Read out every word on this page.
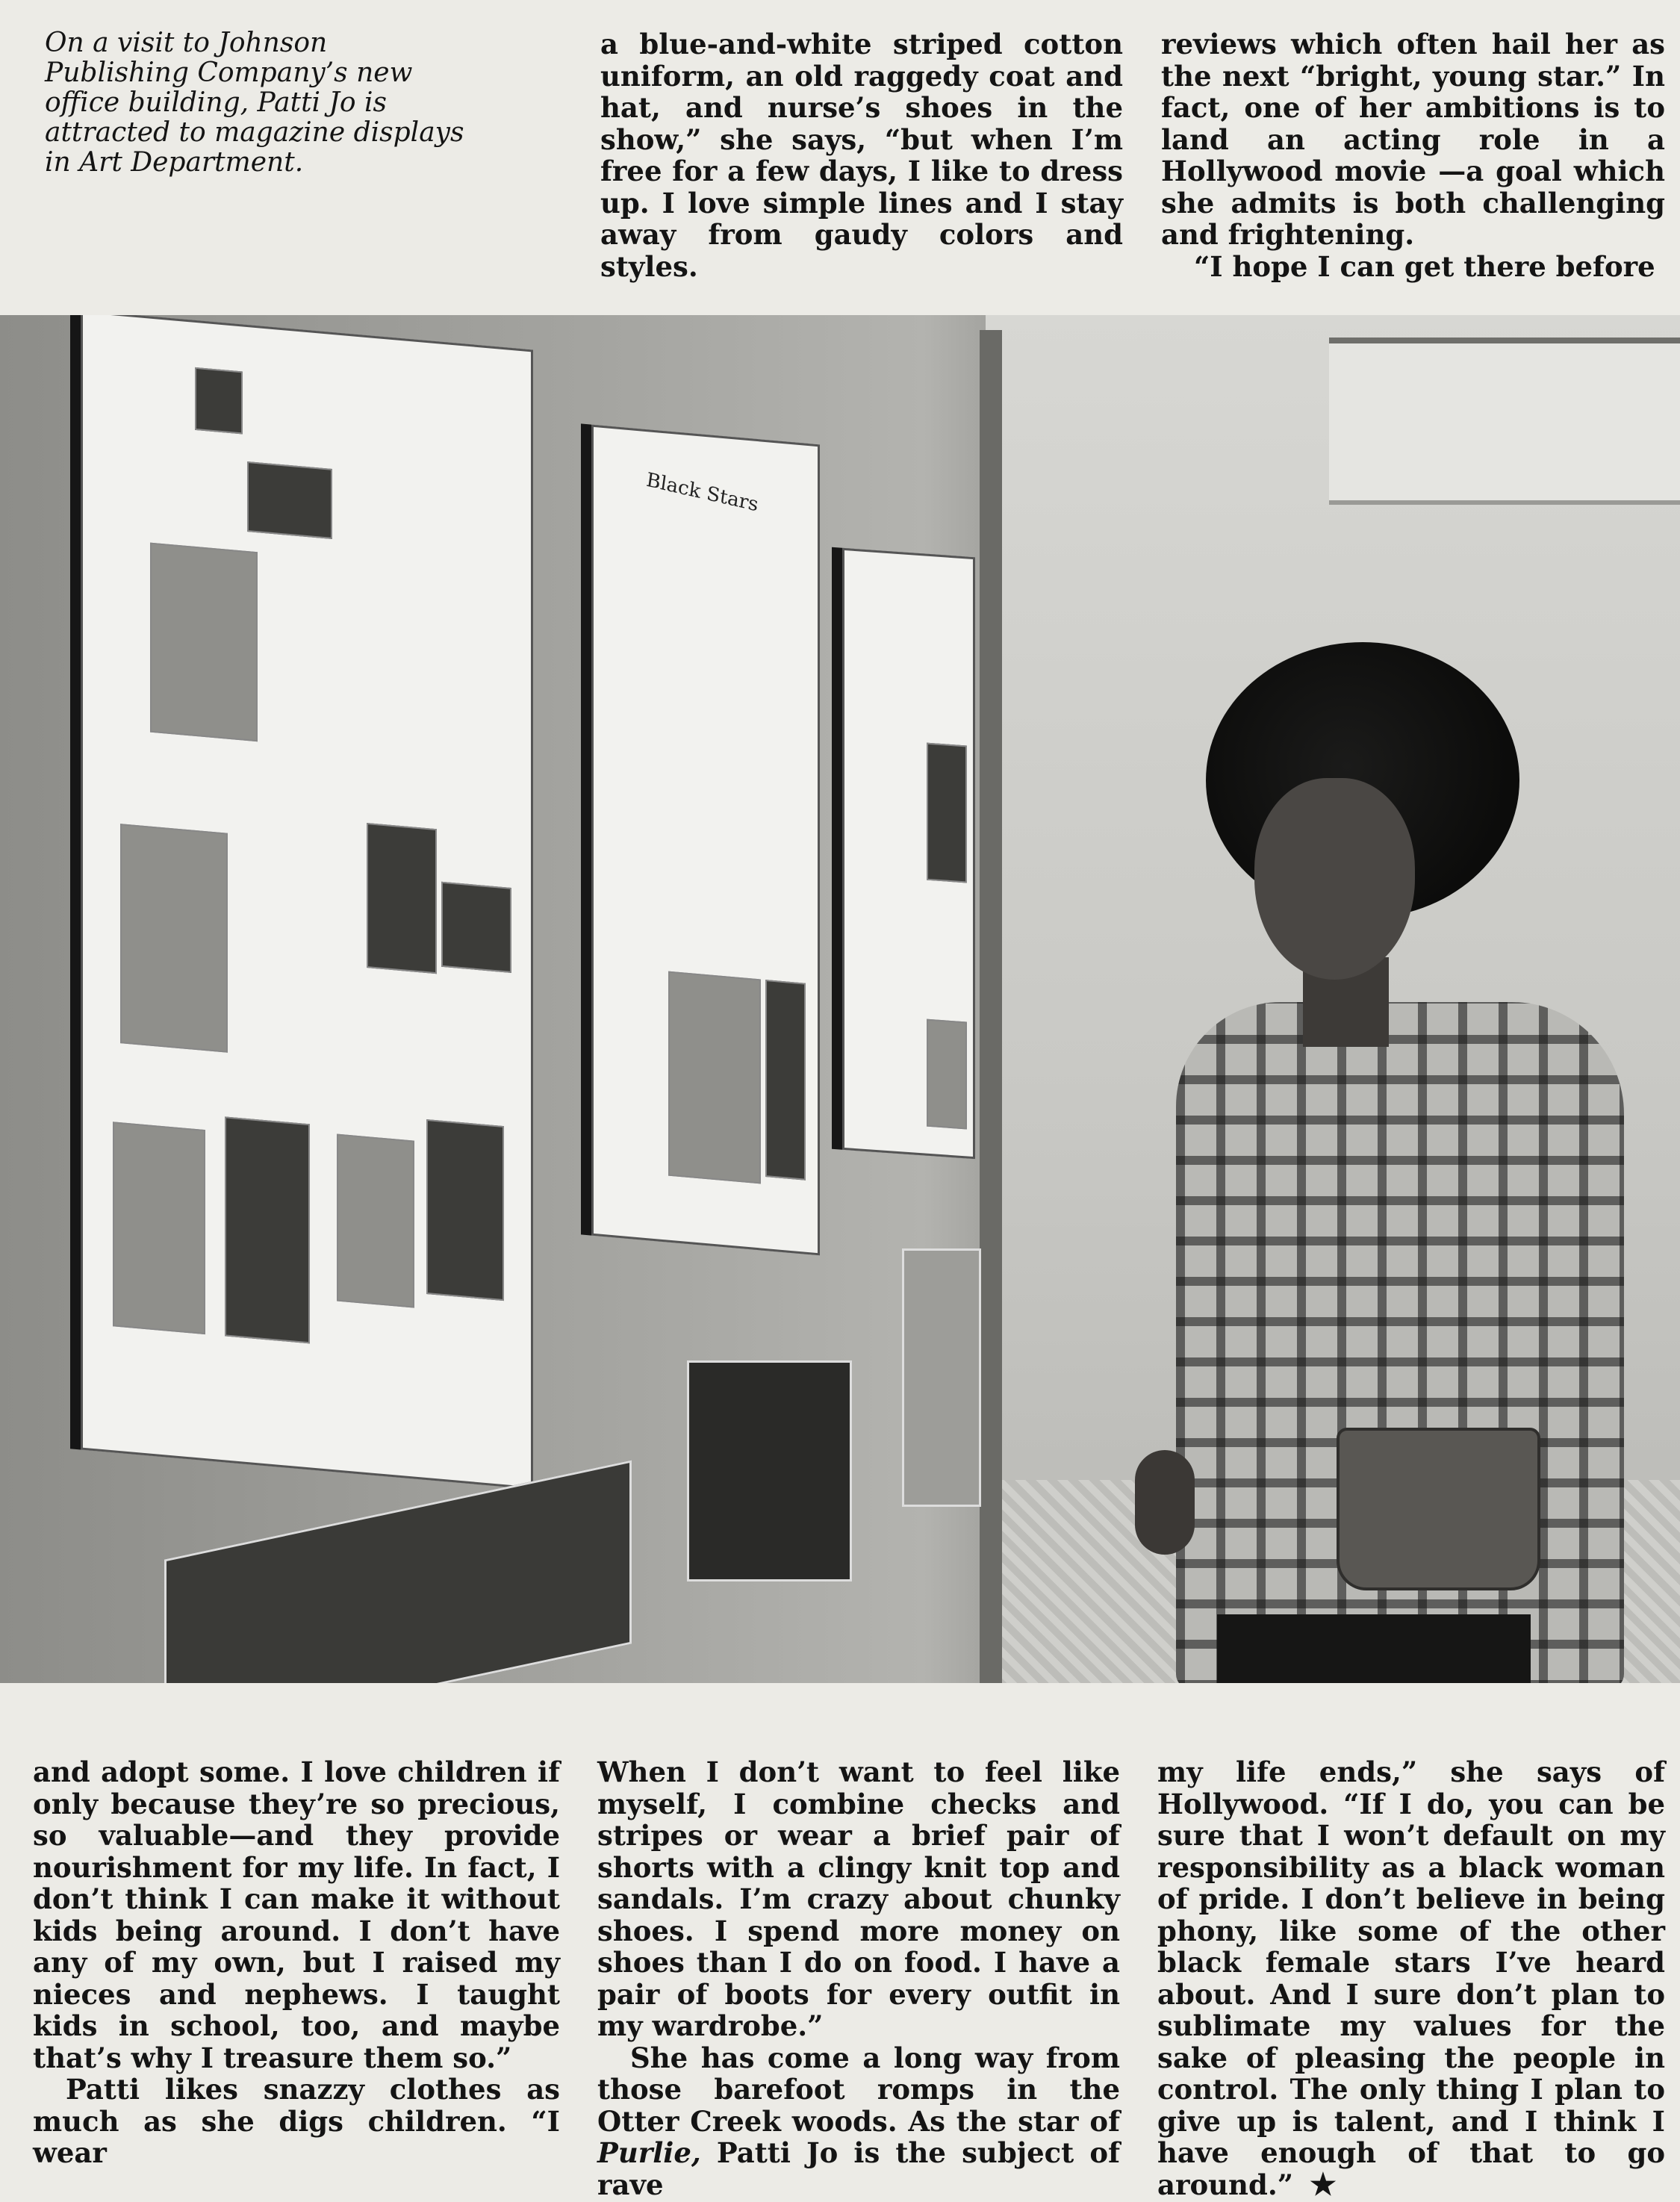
On a visit to Johnson

Publishing Company’s new

office building, Patti Jo is

attracted to magazine displays

in Art Department.

a blue-and-white striped cotton uniform, an old raggedy coat and hat, and nurse’s shoes in the show,” she says, “but when I’m free for a few days, I like to dress up. I love simple lines and I stay away from gaudy colors and styles.

reviews which often hail her as the next “bright, young star.” In fact, one of her ambitions is to land an acting role in a Hollywood movie —a goal which she admits is both challenging and frightening.

“I hope I can get there before

Black Stars

and adopt some. I love children if only because they’re so precious, so valuable—and they provide nourishment for my life. In fact, I don’t think I can make it without kids being around. I don’t have any of my own, but I raised my nieces and nephews. I taught kids in school, too, and maybe that’s why I treasure them so.”

Patti likes snazzy clothes as much as she digs children. “I wear

When I don’t want to feel like myself, I combine checks and stripes or wear a brief pair of shorts with a clingy knit top and sandals. I’m crazy about chunky shoes. I spend more money on shoes than I do on food. I have a pair of boots for every outfit in my wardrobe.”

She has come a long way from those barefoot romps in the Otter Creek woods. As the star of Purlie, Patti Jo is the subject of rave

my life ends,” she says of Hollywood. “If I do, you can be sure that I won’t default on my responsibility as a black woman of pride. I don’t believe in being phony, like some of the other black female stars I’ve heard about. And I sure don’t plan to sublimate my values for the sake of pleasing the people in control. The only thing I plan to give up is talent, and I think I have enough of that to go around.” ★
